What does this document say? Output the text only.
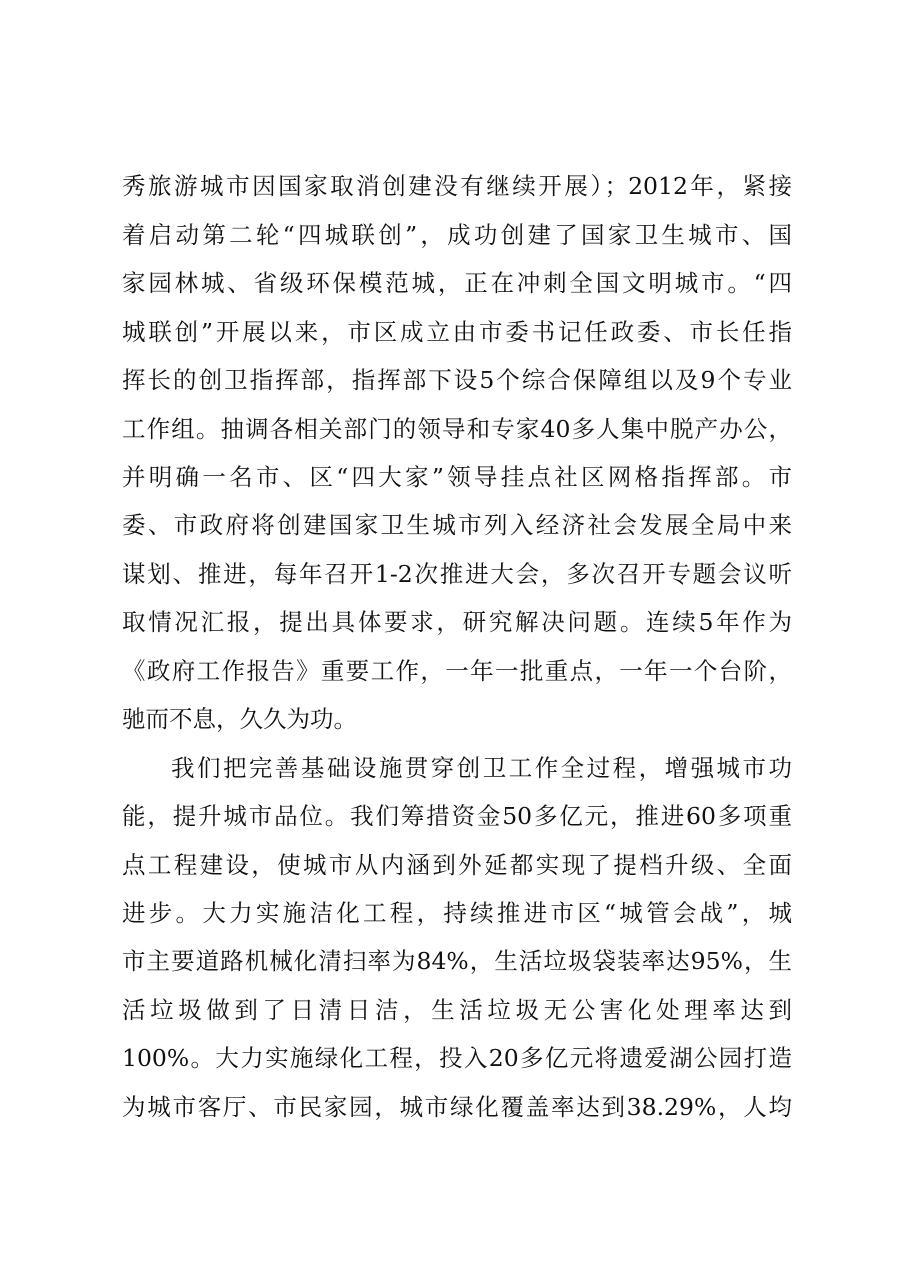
秀旅游城市因国家取消创建没有继续开展）；2012年，紧接
着启动第二轮“四城联创”，成功创建了国家卫生城市、国
家园林城、省级环保模范城，正在冲刺全国文明城市。“四
城联创”开展以来，市区成立由市委书记任政委、市长任指
挥长的创卫指挥部，指挥部下设5个综合保障组以及9个专业
工作组。抽调各相关部门的领导和专家40多人集中脱产办公，
并明确一名市、区“四大家”领导挂点社区网格指挥部。市
委、市政府将创建国家卫生城市列入经济社会发展全局中来
谋划、推进，每年召开1-2次推进大会，多次召开专题会议听
取情况汇报，提出具体要求，研究解决问题。连续5年作为
《政府工作报告》重要工作，一年一批重点，一年一个台阶，
驰而不息，久久为功。
我们把完善基础设施贯穿创卫工作全过程，增强城市功
能，提升城市品位。我们筹措资金50多亿元，推进60多项重
点工程建设，使城市从内涵到外延都实现了提档升级、全面
进步。大力实施洁化工程，持续推进市区“城管会战”，城
市主要道路机械化清扫率为84%，生活垃圾袋装率达95%，生
活垃圾做到了日清日洁，生活垃圾无公害化处理率达到
100%。大力实施绿化工程，投入20多亿元将遗爱湖公园打造
为城市客厅、市民家园，城市绿化覆盖率达到38.29%，人均
